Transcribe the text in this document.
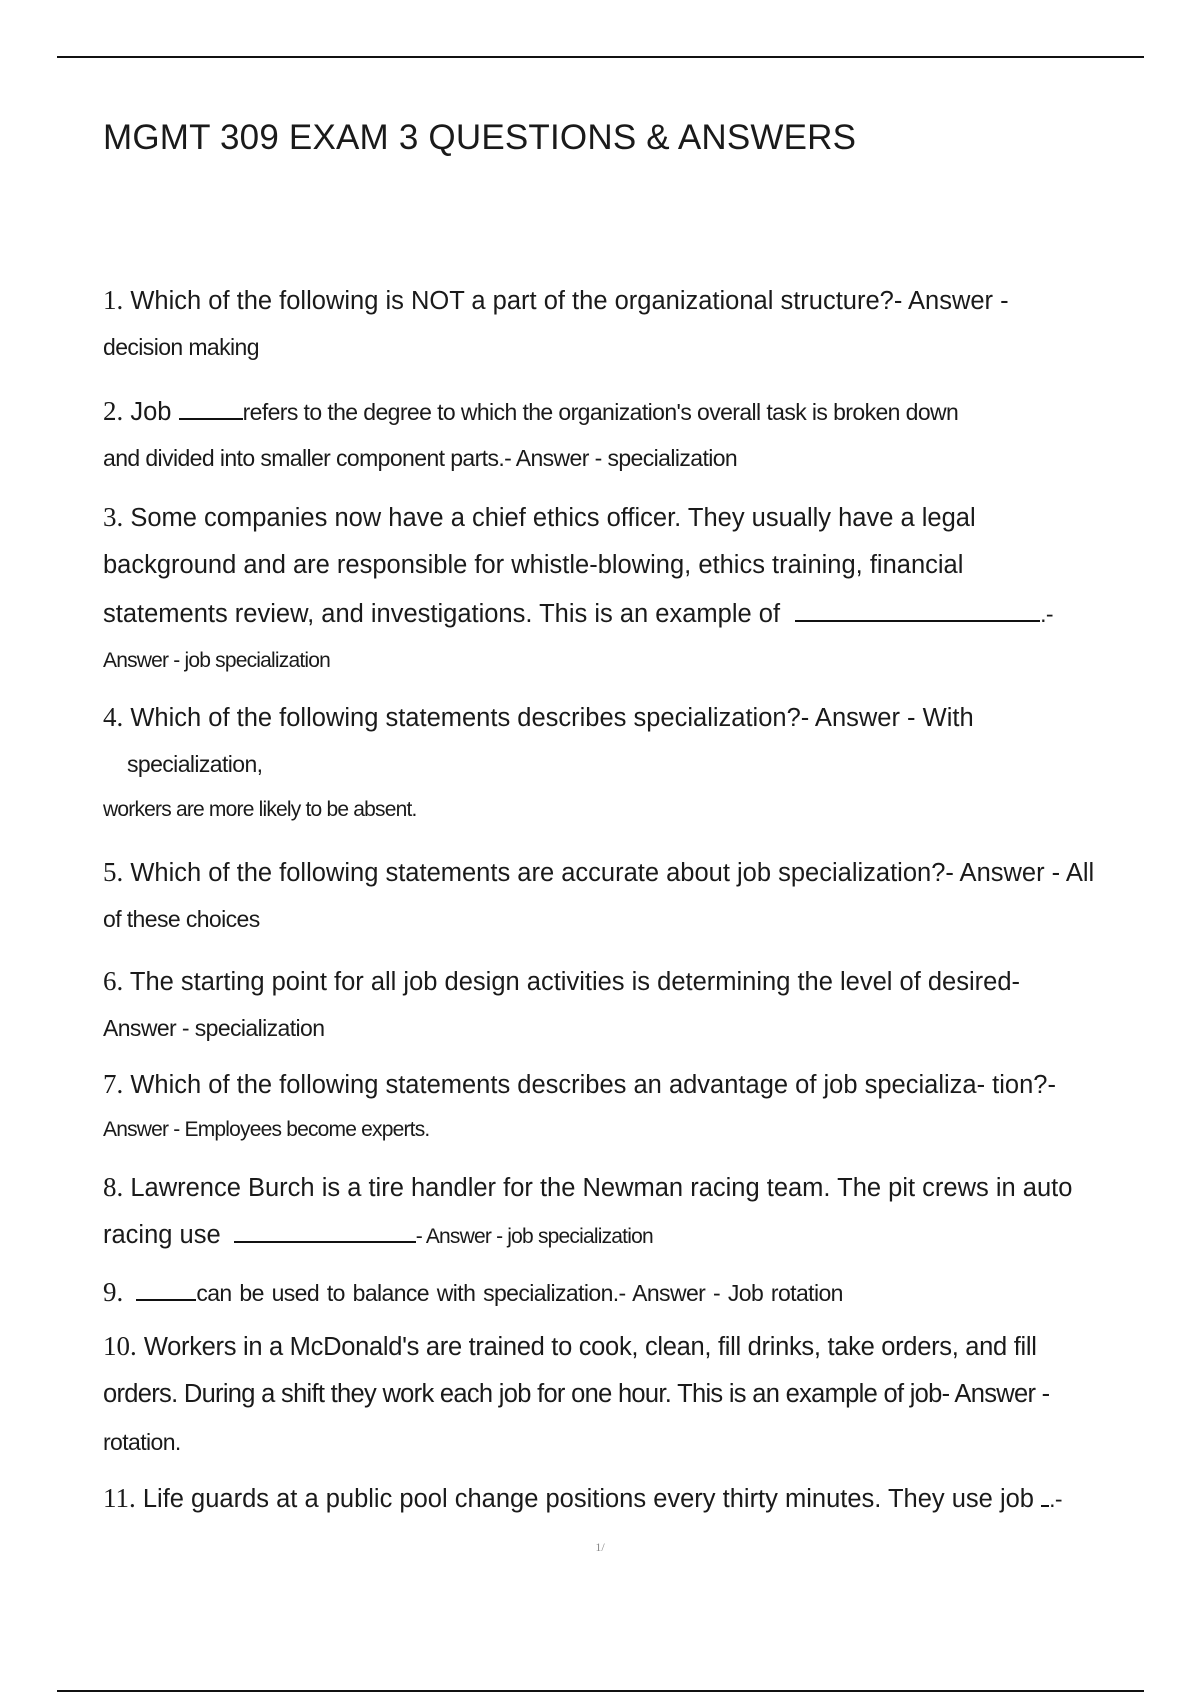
MGMT 309 EXAM 3 QUESTIONS & ANSWERS
1. Which of the following is NOT a part of the organizational structure?- Answer -
decision making
2. Job	refers to the degree to which the organization's overall task is broken down
and divided into smaller component parts.- Answer - specialization
3. Some companies now have a chief ethics officer. They usually have a legal
background and are responsible for whistle-blowing, ethics training, financial
statements review, and investigations. This is an example of	.-
Answer - job specialization
4. Which of the following statements describes specialization?- Answer - With
specialization,
workers are more likely to be absent.
5. Which of the following statements are accurate about job specialization?- Answer - All
of these choices
6. The starting point for all job design activities is determining the level of desired-
Answer - specialization
7. Which of the following statements describes an advantage of job specializa- tion?-
Answer - Employees become experts.
8. Lawrence Burch is a tire handler for the Newman racing team. The pit crews in auto
racing use	- Answer - job specialization
9.	can be used to balance with specialization.- Answer - Job rotation
10. Workers in a McDonald's are trained to cook, clean, fill drinks, take orders, and fill
orders. During a shift they work each job for one hour. This is an example of job- Answer -
rotation.
11. Life guards at a public pool change positions every thirty minutes. They use job .-
1/
